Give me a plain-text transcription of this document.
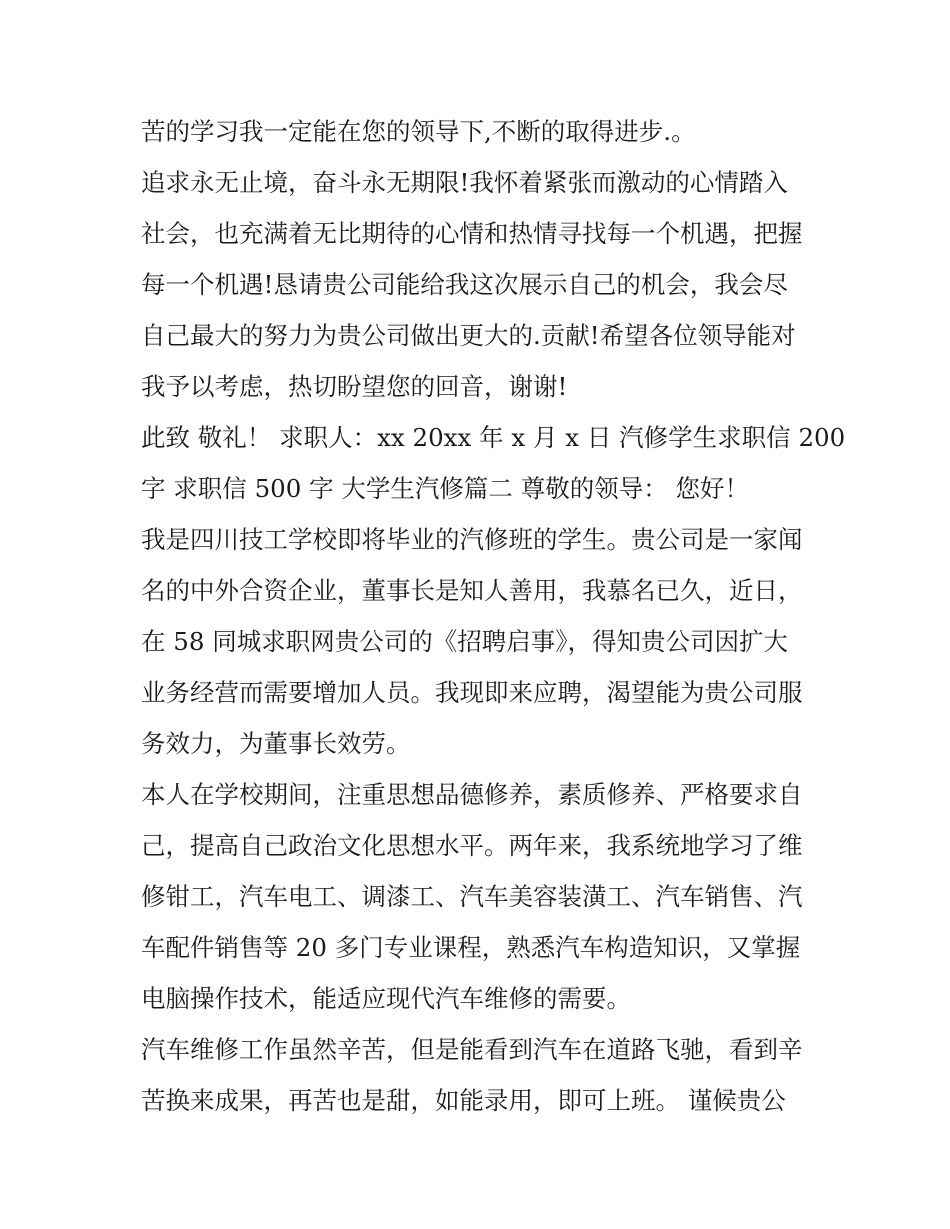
苦的学习我一定能在您的领导下,不断的取得进步.。
追求永无止境，奋斗永无期限!我怀着紧张而激动的心情踏入
社会，也充满着无比期待的心情和热情寻找每一个机遇，把握
每一个机遇!恳请贵公司能给我这次展示自己的机会，我会尽
自己最大的努力为贵公司做出更大的.贡献!希望各位领导能对
我予以考虑，热切盼望您的回音，谢谢!
此致 敬礼！ 求职人：xx 20xx 年 x 月 x 日 汽修学生求职信 200
字 求职信 500 字 大学生汽修篇二 尊敬的领导： 您好！
我是四川技工学校即将毕业的汽修班的学生。贵公司是一家闻
名的中外合资企业，董事长是知人善用，我慕名已久，近日，
在 58 同城求职网贵公司的《招聘启事》，得知贵公司因扩大
业务经营而需要增加人员。我现即来应聘，渴望能为贵公司服
务效力，为董事长效劳。
本人在学校期间，注重思想品德修养，素质修养、严格要求自
己，提高自己政治文化思想水平。两年来，我系统地学习了维
修钳工，汽车电工、调漆工、汽车美容装潢工、汽车销售、汽
车配件销售等 20 多门专业课程，熟悉汽车构造知识，又掌握
电脑操作技术，能适应现代汽车维修的需要。
汽车维修工作虽然辛苦，但是能看到汽车在道路飞驰，看到辛
苦换来成果，再苦也是甜，如能录用，即可上班。 谨候贵公
